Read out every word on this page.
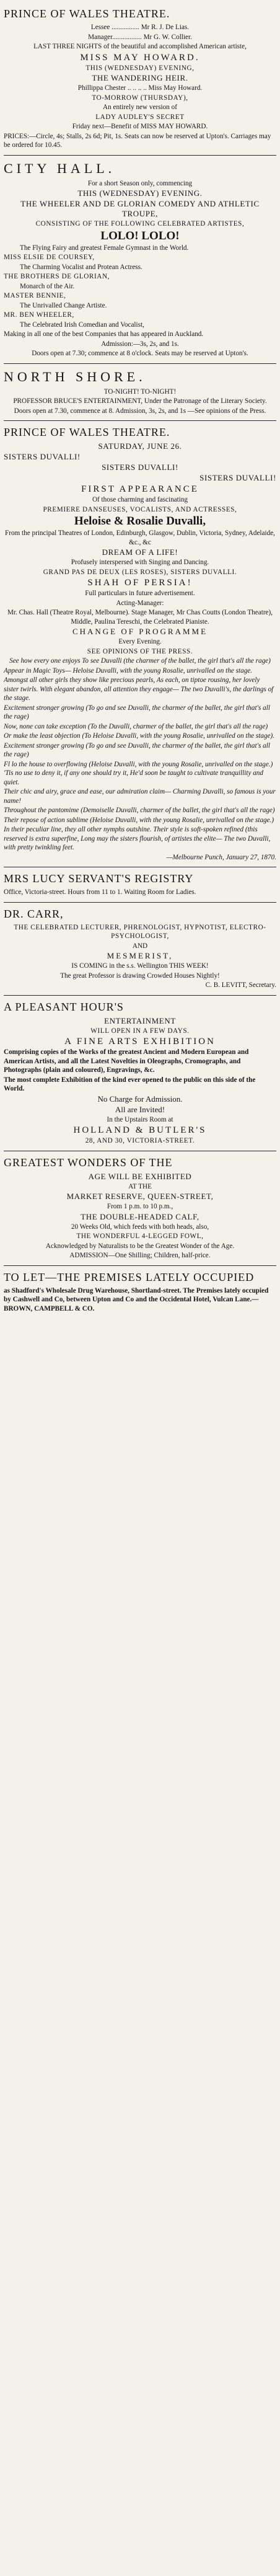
PRINCE OF WALES THEATRE.
Lessee ................ Mr R. J. De Lias.
Manager................. Mr G. W. Collier.
LAST THREE NIGHTS of the beautiful and accomplished American artiste,
MISS MAY HOWARD.
THIS (WEDNESDAY) EVENING,
THE WANDERING HEIR.
Phillippa Chester .. .. .. .. Miss May Howard.
TO-MORROW (THURSDAY),
An entirely new version of
LADY AUDLEY'S SECRET
Friday next—Benefit of MISS MAY HOWARD.
PRICES:—Circle, 4s; Stalls, 2s 6d; Pit, 1s. Seats can now be reserved at Upton's. Carriages may be ordered for 10.45.
CITY HALL.
For a short Season only, commencing
THIS (WEDNESDAY) EVENING.
THE WHEELER AND DE GLORIAN COMEDY AND ATHLETIC TROUPE,
CONSISTING OF THE FOLLOWING CELEBRATED ARTISTES,
LOLO! LOLO!
The Flying Fairy and greatest Female Gymnast in the World.
MISS ELSIE DE COURSEY,
The Charming Vocalist and Protean Actress.
THE BROTHERS DE GLORIAN,
Monarch of the Air.
MASTER BENNIE,
The Unrivalled Change Artiste.
MR. BEN WHEELER,
The Celebrated Irish Comedian and Vocalist,
Making in all one of the best Companies that has appeared in Auckland.
Admission:—3s, 2s, and 1s.
Doors open at 7.30; commence at 8 o'clock. Seats may be reserved at Upton's.
NORTH SHORE.
TO-NIGHT! TO-NIGHT!
PROFESSOR BRUCE'S ENTERTAINMENT, Under the Patronage of the Literary Society.
Doors open at 7.30, commence at 8. Admission, 3s, 2s, and 1s —See opinions of the Press.
PRINCE OF WALES THEATRE.
SATURDAY, JUNE 26.
SISTERS DUVALLI!
SISTERS DUVALLI!
SISTERS DUVALLI!
FIRST APPEARANCE
Of those charming and fascinating
PREMIERE DANSEUSES, VOCALISTS, AND ACTRESSES,
Heloise & Rosalie Duvalli,
From the principal Theatres of London, Edinburgh, Glasgow, Dublin, Victoria, Sydney, Adelaide, &c., &c
DREAM OF A LIFE!
Profusely interspersed with Singing and Dancing.
GRAND PAS DE DEUX (LES ROSES), SISTERS DUVALLI.
SHAH OF PERSIA!
Full particulars in future advertisement.
Acting-Manager:
Mr. Chas. Hall (Theatre Royal, Melbourne). Stage Manager, Mr Chas Coutts (London Theatre), Middle, Paulina Tereschi, the Celebrated Pianiste.
CHANGE OF PROGRAMME
Every Evening.
SEE OPINIONS OF THE PRESS.
See how every one enjoys To see Duvalli (the charmer of the ballet, the girl that's all the rage)
Appear in Magic Toys— Heloise Duvalli, with the young Rosalie, unrivalled on the stage.
Amongst all other girls they show like precious pearls, As each, on tiptoe rousing, her lovely sister twirls. With elegant abandon, all attention they engage— The two Duvalli's, the darlings of the stage.
Excitement stronger growing (To go and see Duvalli, the charmer of the ballet, the girl that's all the rage)
Now, none can take exception (To the Duvalli, charmer of the ballet, the girl that's all the rage)
Or make the least objection (To Heloise Duvalli, with the young Rosalie, unrivalled on the stage).
Excitement stronger growing (To go and see Duvalli, the charmer of the ballet, the girl that's all the rage)
Fl lo the house to overflowing (Heloise Duvalli, with the young Rosalie, unrivalled on the stage.) 'Tis no use to deny it, if any one should try it, He'd soon be taught to cultivate tranquillity and quiet.
Their chic and airy, grace and ease, our admiration claim— Charming Duvalli, so famous is your name!
Throughout the pantomime (Demoiselle Duvalli, charmer of the ballet, the girl that's all the rage)
Their repose of action sublime (Heloise Duvalli, with the young Rosalie, unrivalled on the stage.)
In their peculiar line, they all other nymphs outshine. Their style is soft-spoken refined (this reserved is extra superfine, Long may the sisters flourish, of artistes the elite— The two Duvalli, with pretty twinkling feet.
—Melbourne Punch, January 27, 1870.
MRS LUCY SERVANT'S REGISTRY
Office, Victoria-street. Hours from 11 to 1. Waiting Room for Ladies.
DR. CARR,
THE CELEBRATED LECTURER, PHRENOLOGIST, HYPNOTIST, ELECTRO-PSYCHOLOGIST,
AND
MESMERIST,
IS COMING in the s.s. Wellington THIS WEEK!
The great Professor is drawing Crowded Houses Nightly!
C. B. LEVITT, Secretary.
A PLEASANT HOUR'S
ENTERTAINMENT
WILL OPEN IN A FEW DAYS.
A FINE ARTS EXHIBITION
Comprising copies of the Works of the greatest Ancient and Modern European and American Artists, and all the Latest Novelties in Oleographs, Cromographs, and Photographs (plain and coloured), Engravings, &c.
The most complete Exhibition of the kind ever opened to the public on this side of the World.
No Charge for Admission.
All are Invited!
In the Upstairs Room at
HOLLAND & BUTLER'S
28, AND 30, VICTORIA-STREET.
GREATEST WONDERS OF THE
AGE WILL BE EXHIBITED
AT THE
MARKET RESERVE, QUEEN-STREET,
From 1 p.m. to 10 p.m.,
THE DOUBLE-HEADED CALF,
20 Weeks Old, which feeds with both heads, also,
THE WONDERFUL 4-LEGGED FOWL,
Acknowledged by Naturalists to be the Greatest Wonder of the Age.
ADMISSION—One Shilling; Children, half-price.
TO LET—THE PREMISES LATELY OCCUPIED
as Shadford's Wholesale Drug Warehouse, Shortland-street. The Premises lately occupied by Cashwell and Co, between Upton and Co and the Occidental Hotel, Vulcan Lane.—BROWN, CAMPBELL & CO.
